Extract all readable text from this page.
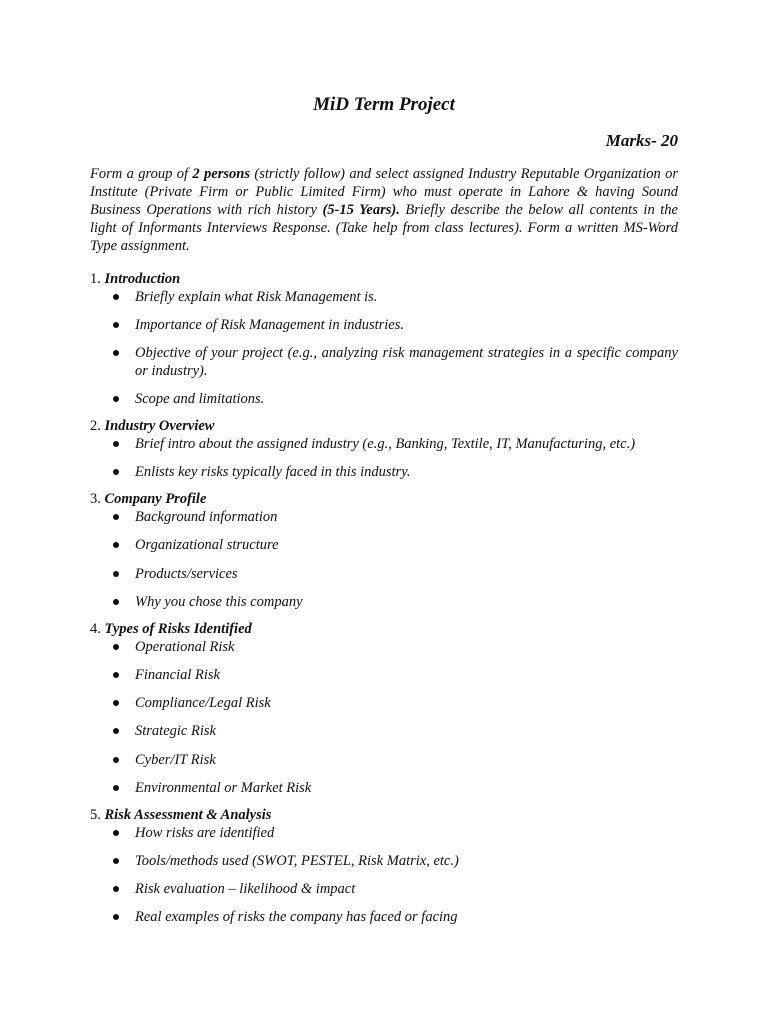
MiD Term Project
Marks- 20

Form a group of 2 persons (strictly follow) and select assigned Industry Reputable Organization or Institute (Private Firm or Public Limited Firm) who must operate in Lahore & having Sound Business Operations with rich history (5-15 Years). Briefly describe the below all contents in the light of Informants Interviews Response. (Take help from class lectures). Form a written MS-Word Type assignment.

1. Introduction
Briefly explain what Risk Management is.
Importance of Risk Management in industries.
Objective of your project (e.g., analyzing risk management strategies in a specific company or industry).
Scope and limitations.
2. Industry Overview
Brief intro about the assigned industry (e.g., Banking, Textile, IT, Manufacturing, etc.)
Enlists key risks typically faced in this industry.
3. Company Profile
Background information
Organizational structure
Products/services
Why you chose this company
4. Types of Risks Identified
Operational Risk
Financial Risk
Compliance/Legal Risk
Strategic Risk
Cyber/IT Risk
Environmental or Market Risk
5. Risk Assessment & Analysis
How risks are identified
Tools/methods used (SWOT, PESTEL, Risk Matrix, etc.)
Risk evaluation – likelihood & impact
Real examples of risks the company has faced or facing
